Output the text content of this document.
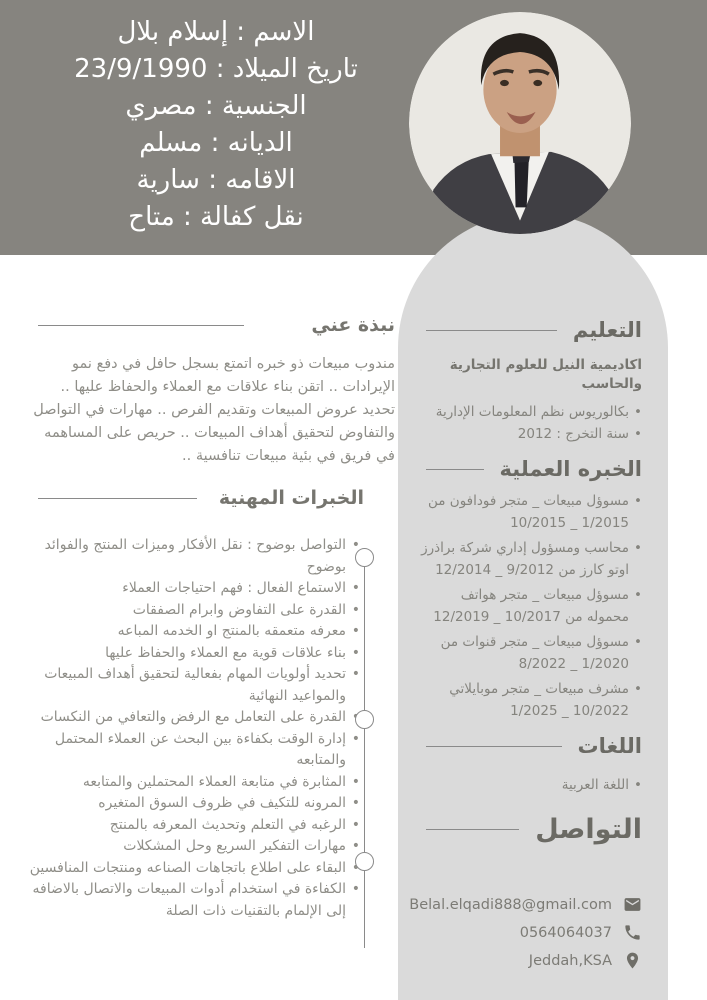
الاسم : إسلام بلال
تاريخ الميلاد : 23/9/1990
الجنسية : مصري
الديانه : مسلم
الاقامه : سارية
نقل كفالة : متاح
التعليم
اكاديمية النيل للعلوم التجارية والحاسب
•
بكالوريوس نظم المعلومات الإدارية
•
سنة التخرج : 2012
الخبره العملية
•
مسوؤل مبيعات _ متجر فودافون من 1/2015 _ 10/2015
•
محاسب ومسؤول إداري شركة براذرز اوتو كارز من 9/2012 _ 12/2014
•
مسوؤل مبيعات _ متجر هواتف محموله من 10/2017 _ 12/2019
•
مسوؤل مبيعات _ متجر قنوات من 1/2020 _ 8/2022
•
مشرف مبيعات _ متجر موبايلاتي 10/2022 _ 1/2025
اللغات
•
اللغة العربية
التواصل
Belal.elqadi888@gmail.com
0564064037
Jeddah,KSA
نبذة عني
مندوب مبيعات ذو خبره اتمتع بسجل حافل في دفع نمو الإيرادات .. اتقن بناء علاقات مع العملاء والحفاظ عليها .. تحديد عروض المبيعات وتقديم الفرص .. مهارات في التواصل والتفاوض لتحقيق أهداف المبيعات .. حريص على المساهمه في فريق في بئية مبيعات تنافسية ..
الخبرات المهنية
•
التواصل بوضوح : نقل الأفكار وميزات المنتج والفوائد بوضوح
•
الاستماع الفعال : فهم احتياجات العملاء
•
القدرة على التفاوض وابرام الصفقات
•
معرفه متعمقه بالمنتج او الخدمه المباعه
•
بناء علاقات قوية مع العملاء والحفاظ عليها
•
تحديد أولويات المهام بفعالية لتحقيق أهداف المبيعات والمواعيد النهائية
•
القدرة على التعامل مع الرفض والتعافي من النكسات
•
إدارة الوقت بكفاءة بين البحث عن العملاء المحتمل والمتابعه
•
المثابرة في متابعة العملاء المحتملين والمتابعه
•
المرونه للتكيف في ظروف السوق المتغيره
•
الرغبه في التعلم وتحديث المعرفه بالمنتج
•
مهارات التفكير السريع وحل المشكلات
•
البقاء على اطلاع باتجاهات الصناعه ومنتجات المنافسين
•
الكفاءة في استخدام أدوات المبيعات والاتصال بالاضافه إلى الإلمام بالتقنيات ذات الصلة
